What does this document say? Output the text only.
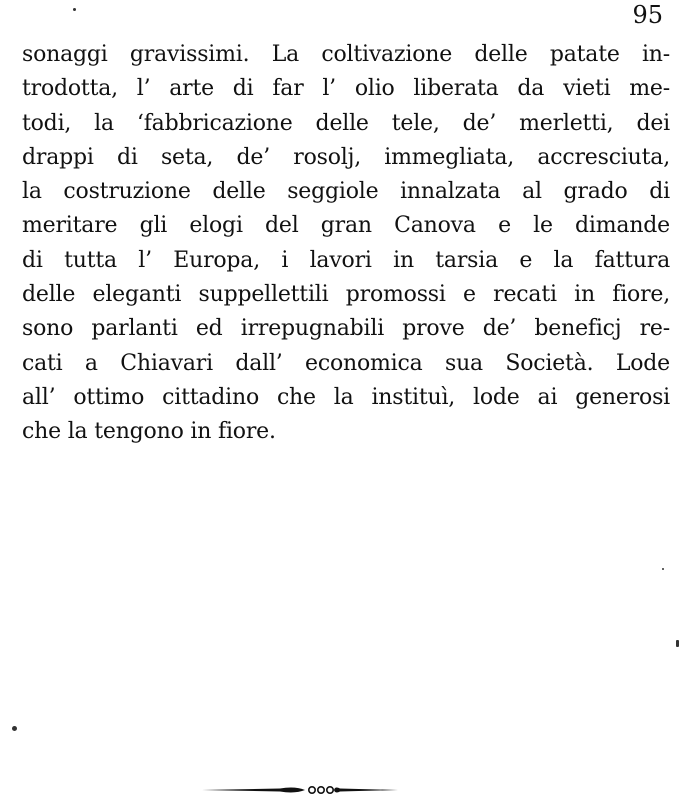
95
sonaggi gravissimi. La coltivazione delle patate in-
trodotta, l’ arte di far l’ olio liberata da vieti me-
todi, la ‘fabbricazione delle tele, de’ merletti, dei
drappi di seta, de’ rosolj, immegliata, accresciuta,
la costruzione delle seggiole innalzata al grado di
meritare gli elogi del gran Canova e le dimande
di tutta l’ Europa, i lavori in tarsia e la fattura
delle eleganti suppellettili promossi e recati in fiore,
sono parlanti ed irrepugnabili prove de’ beneficj re-
cati a Chiavari dall’ economica sua Società. Lode
all’ ottimo cittadino che la instituì, lode ai generosi
che la tengono in fiore.
